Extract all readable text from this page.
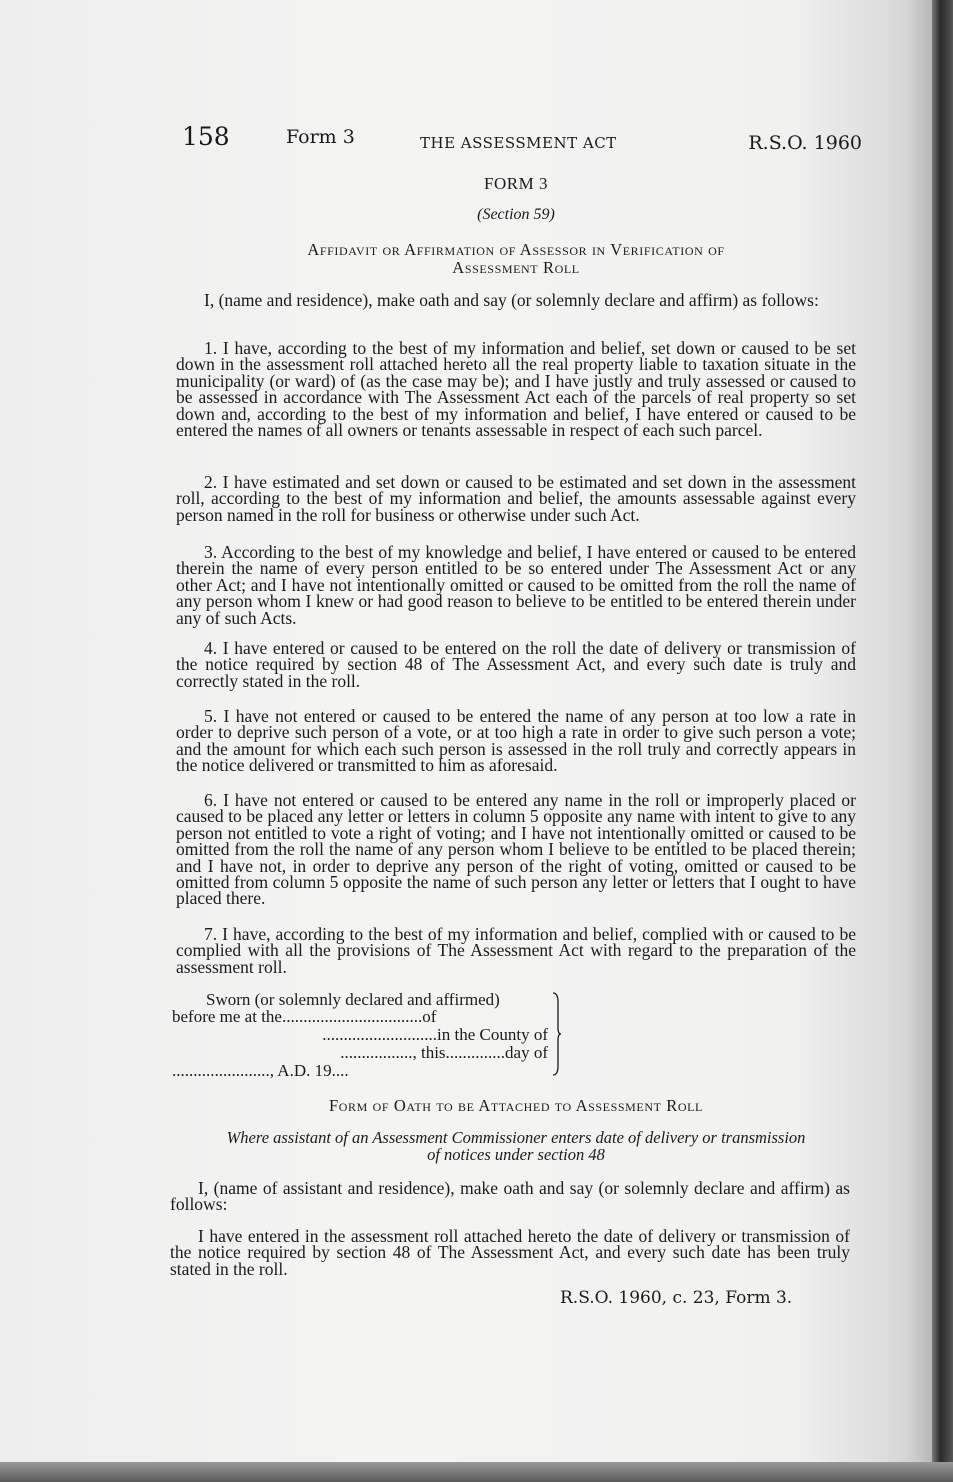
158	Form 3	THE ASSESSMENT ACT	R.S.O. 1960
FORM 3
(Section 59)
Affidavit or Affirmation of Assessor in Verification of
Assessment Roll
I, (name and residence), make oath and say (or solemnly declare and affirm) as follows:
1. I have, according to the best of my information and belief, set down or caused to be set down in the assessment roll attached hereto all the real property liable to taxation situate in the municipality (or ward) of (as the case may be); and I have justly and truly assessed or caused to be assessed in accordance with The Assessment Act each of the parcels of real property so set down and, according to the best of my information and belief, I have entered or caused to be entered the names of all owners or tenants assessable in respect of each such parcel.
2. I have estimated and set down or caused to be estimated and set down in the assessment roll, according to the best of my information and belief, the amounts assessable against every person named in the roll for business or otherwise under such Act.
3. According to the best of my knowledge and belief, I have entered or caused to be entered therein the name of every person entitled to be so entered under The Assessment Act or any other Act; and I have not intentionally omitted or caused to be omitted from the roll the name of any person whom I knew or had good reason to believe to be entitled to be entered therein under any of such Acts.
4. I have entered or caused to be entered on the roll the date of delivery or transmission of the notice required by section 48 of The Assessment Act, and every such date is truly and correctly stated in the roll.
5. I have not entered or caused to be entered the name of any person at too low a rate in order to deprive such person of a vote, or at too high a rate in order to give such person a vote; and the amount for which each such person is assessed in the roll truly and correctly appears in the notice delivered or transmitted to him as aforesaid.
6. I have not entered or caused to be entered any name in the roll or improperly placed or caused to be placed any letter or letters in column 5 opposite any name with intent to give to any person not entitled to vote a right of voting; and I have not intentionally omitted or caused to be omitted from the roll the name of any person whom I believe to be entitled to be placed therein; and I have not, in order to deprive any person of the right of voting, omitted or caused to be omitted from column 5 opposite the name of such person any letter or letters that I ought to have placed there.
7. I have, according to the best of my information and belief, complied with or caused to be complied with all the provisions of The Assessment Act with regard to the preparation of the assessment roll.
Sworn (or solemnly declared and affirmed)
before me at the.................................of
...........................in the County of
................., this..............day of
......................., A.D. 19....
Form of Oath to be Attached to Assessment Roll
Where assistant of an Assessment Commissioner enters date of delivery or transmission
of notices under section 48
I, (name of assistant and residence), make oath and say (or solemnly declare and affirm) as follows:
I have entered in the assessment roll attached hereto the date of delivery or transmission of the notice required by section 48 of The Assessment Act, and every such date has been truly stated in the roll.
R.S.O. 1960, c. 23, Form 3.
